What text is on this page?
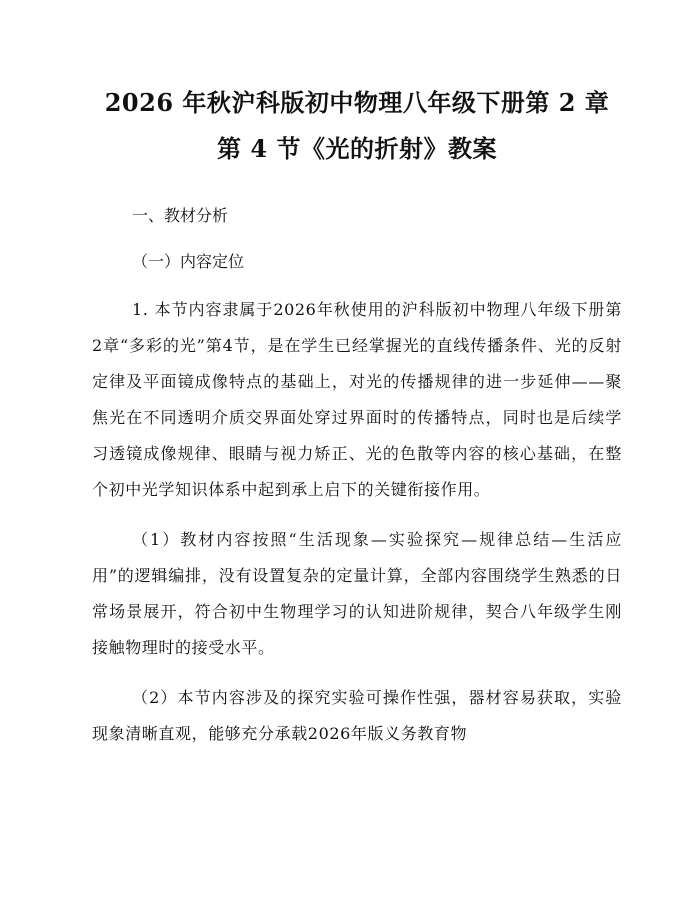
2026 年秋沪科版初中物理八年级下册第 2 章
第 4 节《光的折射》教案

一、教材分析

（一）内容定位

1. 本节内容隶属于2026年秋使用的沪科版初中物理八年级下册第2章“多彩的光”第4节，是在学生已经掌握光的直线传播条件、光的反射定律及平面镜成像特点的基础上，对光的传播规律的进一步延伸——聚焦光在不同透明介质交界面处穿过界面时的传播特点，同时也是后续学习透镜成像规律、眼睛与视力矫正、光的色散等内容的核心基础，在整个初中光学知识体系中起到承上启下的关键衔接作用。

（1）教材内容按照“生活现象—实验探究—规律总结—生活应用”的逻辑编排，没有设置复杂的定量计算，全部内容围绕学生熟悉的日常场景展开，符合初中生物理学习的认知进阶规律，契合八年级学生刚接触物理时的接受水平。

（2）本节内容涉及的探究实验可操作性强，器材容易获取，实验现象清晰直观，能够充分承载2026年版义务教育物
